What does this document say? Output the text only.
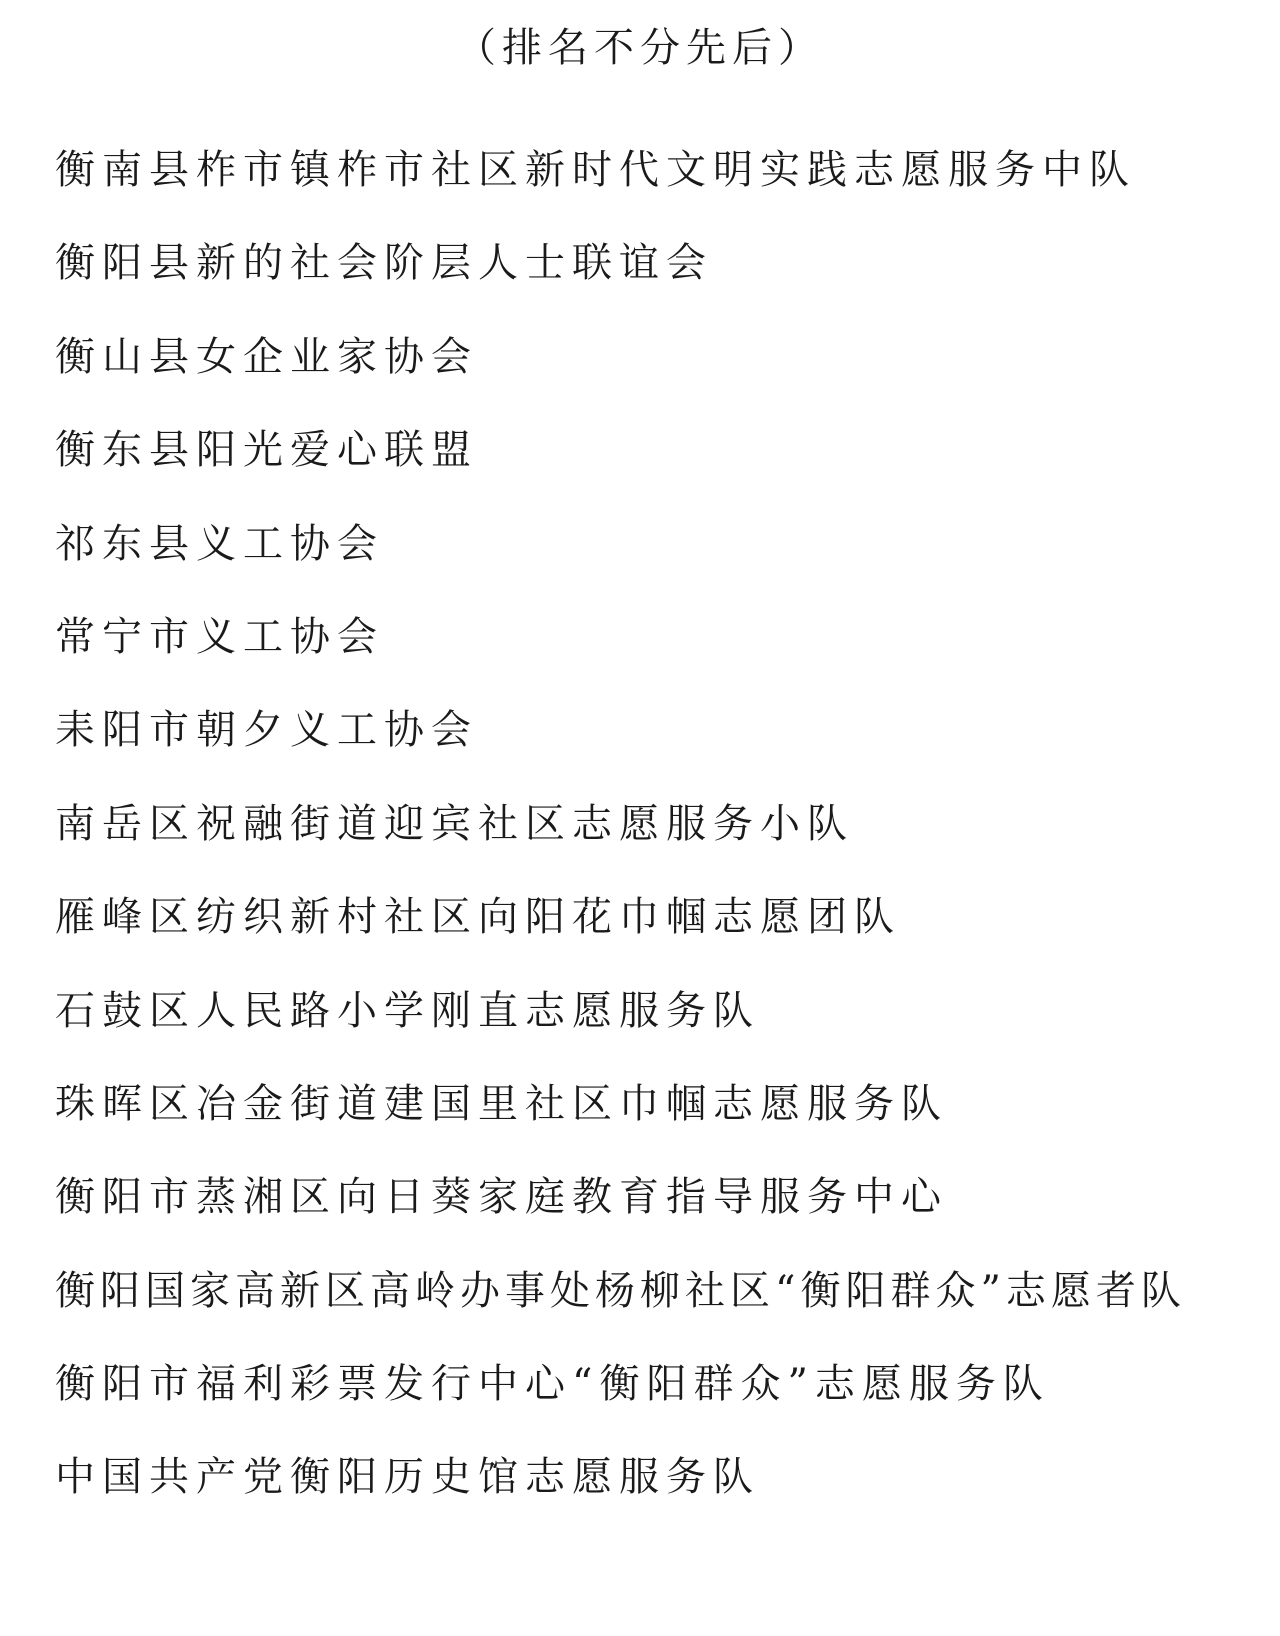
（排名不分先后）
衡南县柞市镇柞市社区新时代文明实践志愿服务中队
衡阳县新的社会阶层人士联谊会
衡山县女企业家协会
衡东县阳光爱心联盟
祁东县义工协会
常宁市义工协会
耒阳市朝夕义工协会
南岳区祝融街道迎宾社区志愿服务小队
雁峰区纺织新村社区向阳花巾帼志愿团队
石鼓区人民路小学刚直志愿服务队
珠晖区冶金街道建国里社区巾帼志愿服务队
衡阳市蒸湘区向日葵家庭教育指导服务中心
衡阳国家高新区高岭办事处杨柳社区“衡阳群众”志愿者队
衡阳市福利彩票发行中心“衡阳群众”志愿服务队
中国共产党衡阳历史馆志愿服务队
